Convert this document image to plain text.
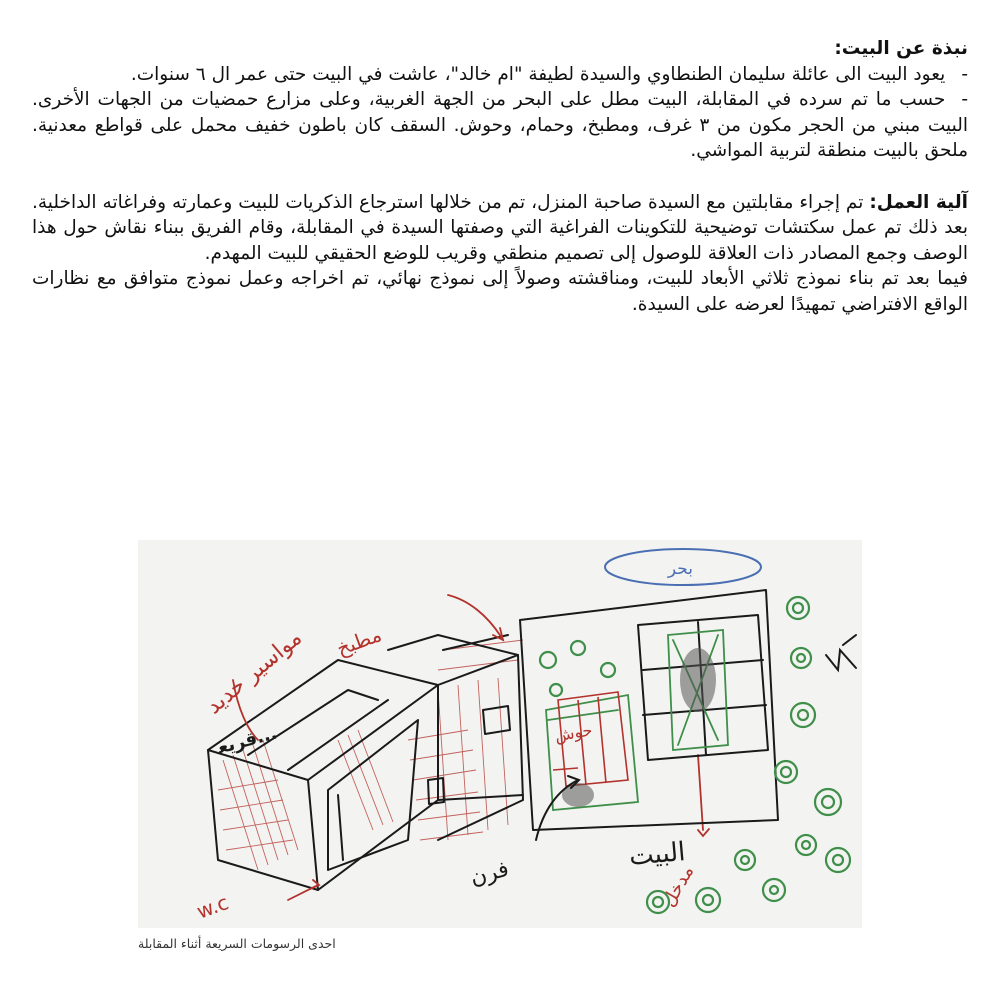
نبذة عن البيت:

-يعود البيت الى عائلة سليمان الطنطاوي والسيدة لطيفة "ام خالد"، عاشت في البيت حتى عمر ال ٦ سنوات.

-حسب ما تم سرده في المقابلة، البيت مطل على البحر من الجهة الغربية، وعلى مزارع حمضيات من الجهات الأخرى. البيت مبني من الحجر مكون من ٣ غرف، ومطبخ، وحمام، وحوش. السقف كان باطون خفيف محمل على قواطع معدنية. ملحق بالبيت منطقة لتربية المواشي.

آلية العمل: تم إجراء مقابلتين مع السيدة صاحبة المنزل، تم من خلالها استرجاع الذكريات للبيت وعمارته وفراغاته الداخلية. بعد ذلك تم عمل سكتشات توضيحية للتكوينات الفراغية التي وصفتها السيدة في المقابلة، وقام الفريق ببناء نقاش حول هذا الوصف وجمع المصادر ذات العلاقة للوصول إلى تصميم منطقي وقريب للوضع الحقيقي للبيت المهدم.

فيما بعد تم بناء نموذج ثلاثي الأبعاد للبيت، ومناقشته وصولاً إلى نموذج نهائي، تم اخراجه وعمل نموذج متوافق مع نظارات الواقع الافتراضي تمهيدًا لعرضه على السيدة.

...ﻗﺮﻳﻌ
مواسير حديد مطبخ
w.c
حوش
بحر
فرن	مدخل
البيت
احدى الرسومات السريعة أثناء المقابلة
